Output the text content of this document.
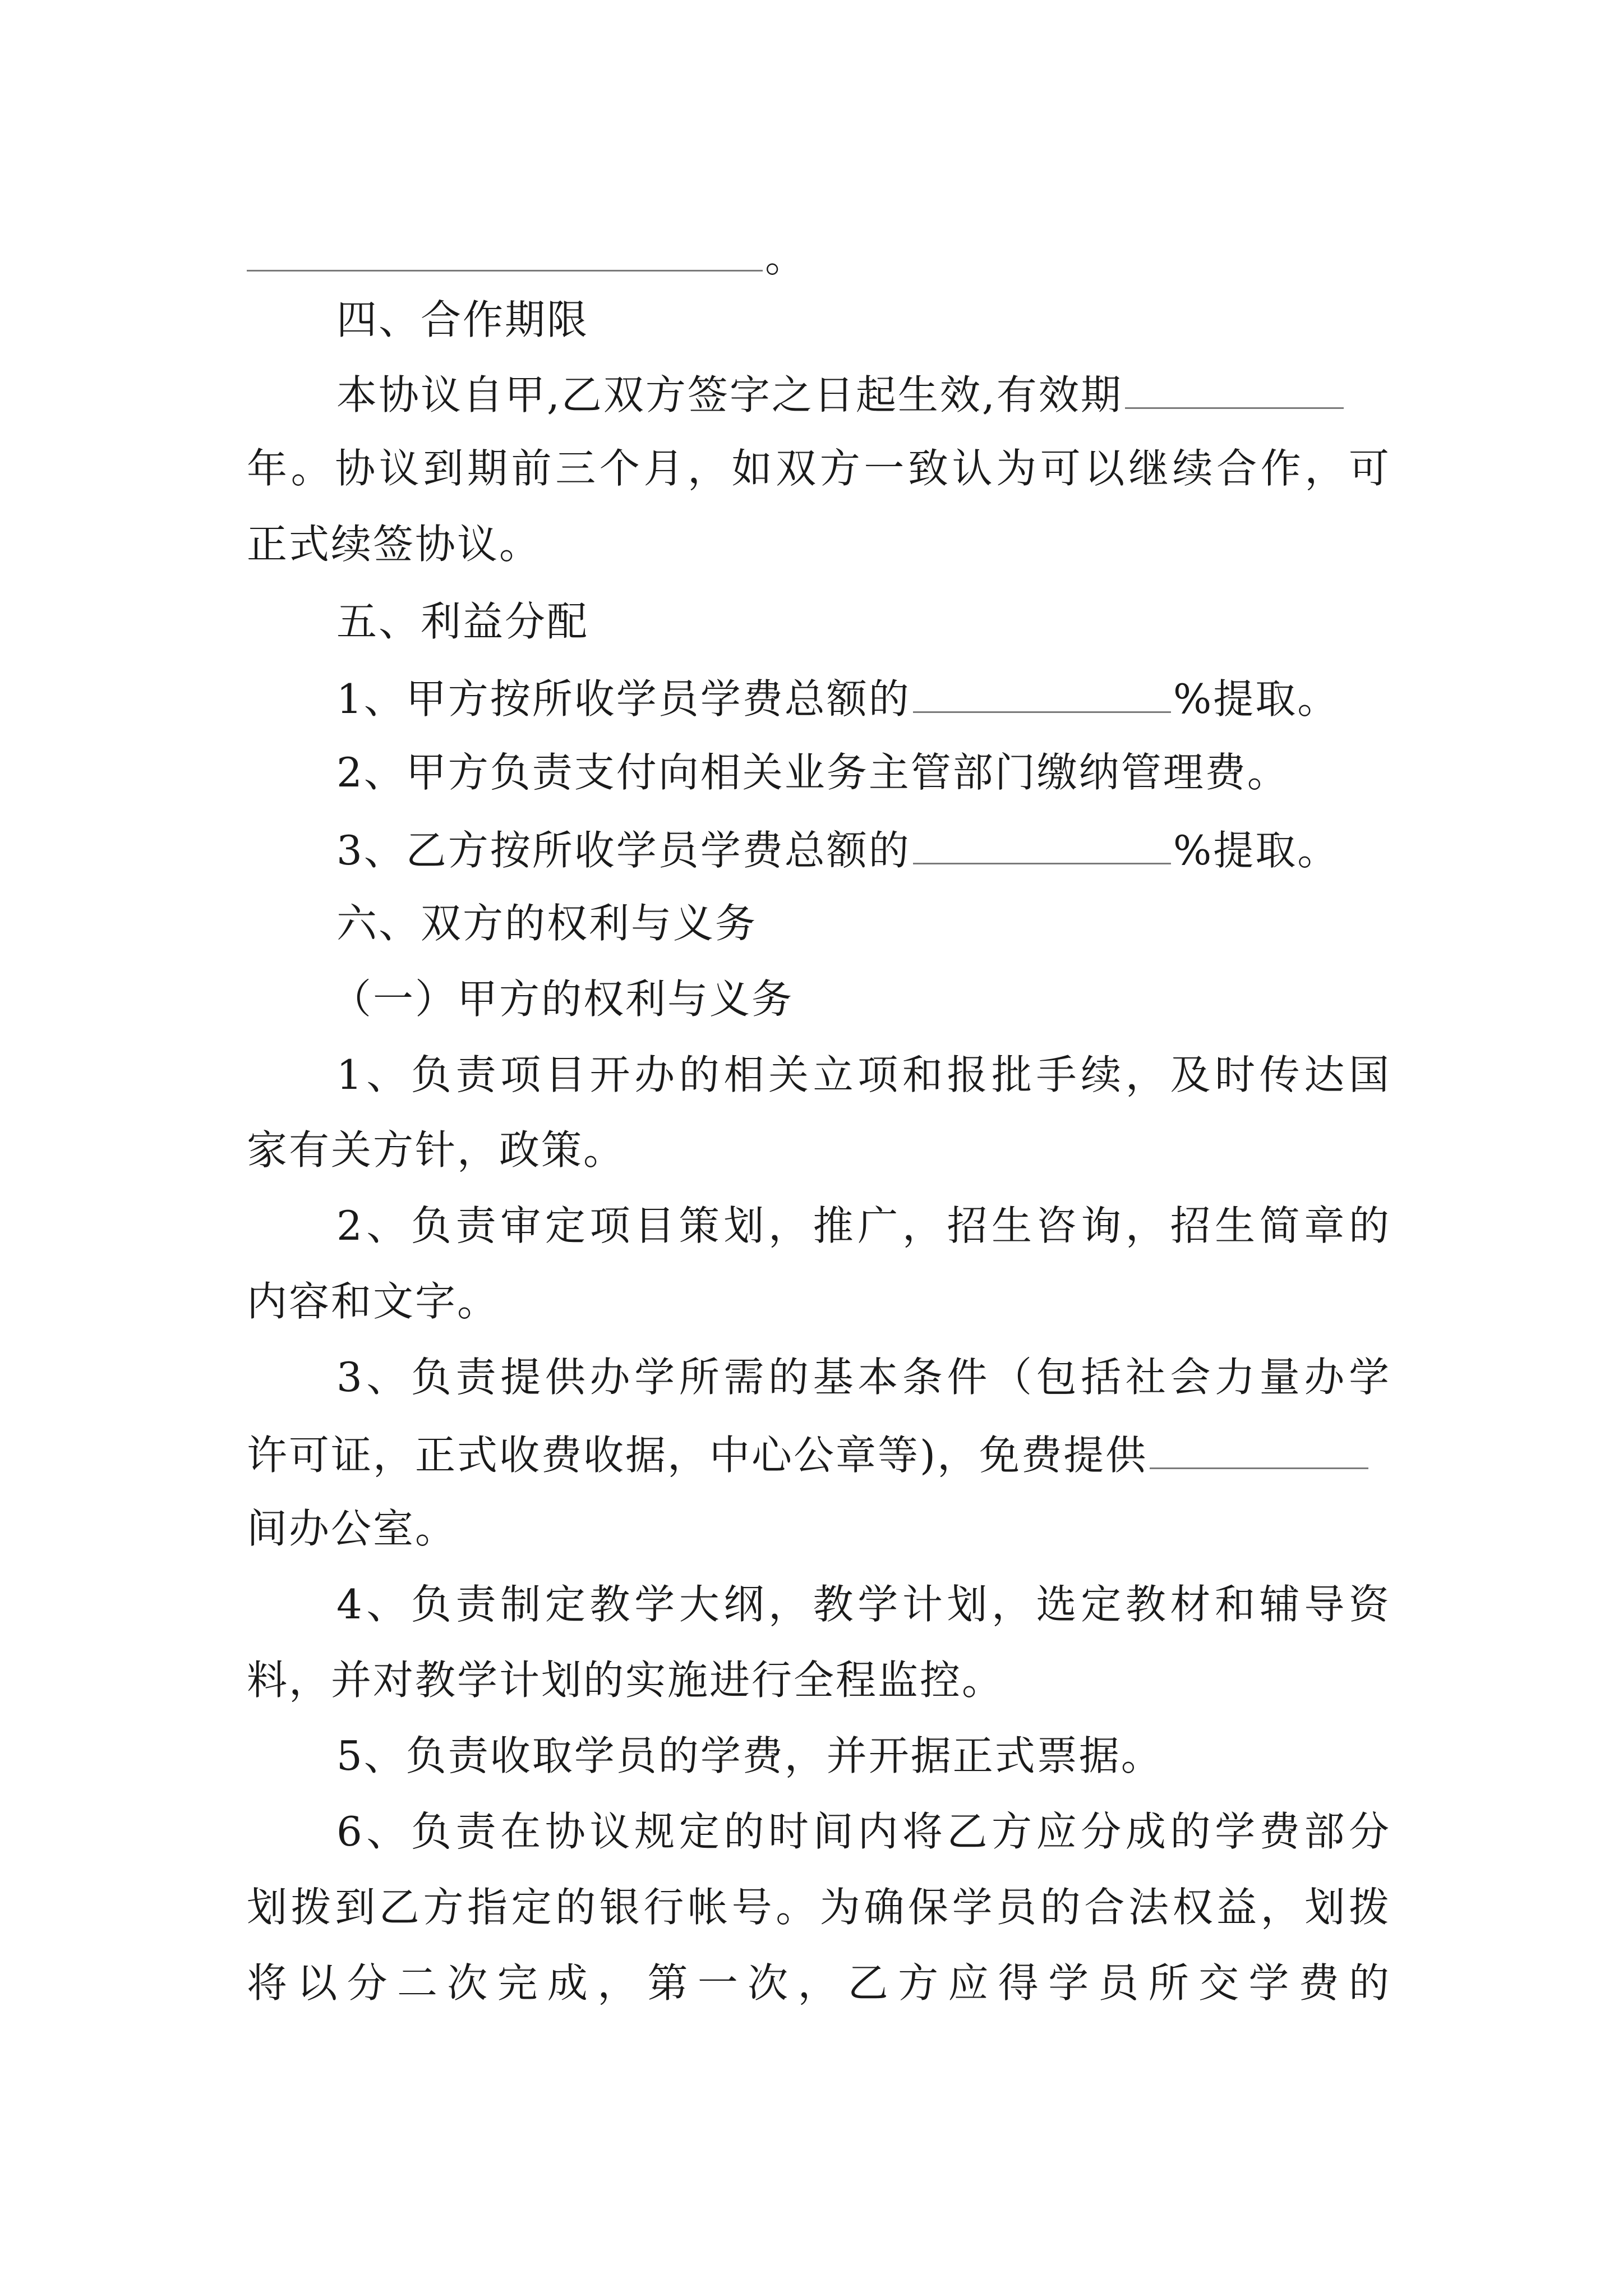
。
四、合作期限
本协议自甲,乙双方签字之日起生效,有效期
年。协议到期前三个月，如双方一致认为可以继续合作，可
正式续签协议。
五、利益分配
1、甲方按所收学员学费总额的	%提取。
2、甲方负责支付向相关业务主管部门缴纳管理费。
3、乙方按所收学员学费总额的	%提取。
六、双方的权利与义务
（一）甲方的权利与义务
1、负责项目开办的相关立项和报批手续，及时传达国
家有关方针，政策。
2、负责审定项目策划，推广，招生咨询，招生简章的
内容和文字。
3、负责提供办学所需的基本条件（包括社会力量办学
许可证，正式收费收据，中心公章等)，免费提供
间办公室。
4、负责制定教学大纲，教学计划，选定教材和辅导资
料，并对教学计划的实施进行全程监控。
5、负责收取学员的学费，并开据正式票据。
6、负责在协议规定的时间内将乙方应分成的学费部分
划拨到乙方指定的银行帐号。为确保学员的合法权益，划拨
将以分二次完成，第一次，乙方应得学员所交学费的
